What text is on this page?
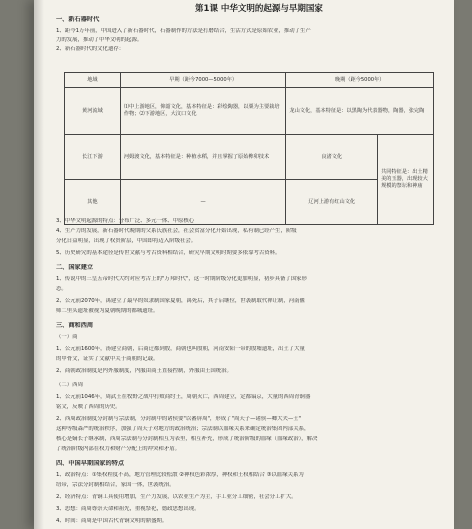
第1课 中华文明的起源与早期国家
一、新石器时代
1、距今1万年前，中国进入了新石器时代，石器制作的方法是打磨结合，生活方式是原始农业，推动了生产
力的发展，推动了中华文明的起源。
2、新石器时代的文化遗存：
3、中华文明起源的特点：分布广泛、多元一体、中原核心
4、生产力的发展，新石器时代晚期的父系氏族社会，社会贫富分化开始出现，私有制已经产生，阶级
分化日益明显，出现了权贵阶层，中国即将迈入阶级社会。
5、历史研究的基本途径是传世文献与考古资料相结合，研究早期文明时期要多依靠考古资料。
二、国家建立
1、传说中的三皇五帝时代大约对应考古上的"万邦时代"，这一时期阶级分化更加明显，初步具备了国家形
态。
2、公元前2070年，禹建立了最早的奴隶制国家夏朝，禹死后，其子启继位，世袭制取代禅让制，河南偃
师二里头遗址被视为夏朝晚期的都城遗址。
三、商和西周
（一）商
1、公元前1600年，汤建立商朝，后商迁都到殷，商朝也叫殷朝，河南安阳一带的殷墟遗址，出土了大量
的甲骨文，证实了文献中关于商朝的记载。
2、商朝政治制度是内外服制度，内服由商王直接控制，外服由王国统治。
（二）西周
1、公元前1046年，周武王在牧野之战中打败商纣王，周朝灭亡，西周建立，定都镐京，大量的西周青铜器
铭文，反映了西周的历史。
2、西周政治制度分封制与宗法制，分封制中的诸侯要"以蕃屏周"，形成了"周天子—诸侯—卿大夫—士"
这种等级森严的统治秩序，加强了周天子对地方的政治统治；宗法制以血缘关系来确定统治集团内部关系，
核心是嫡长子继承制，西周宗法制与分封制相互为表里，相互补充，形成了统治阶级的血缘（血缘政治），解决
了统治阶级内部在权力和财产分配上的冲突和矛盾。
四、中国早期国家的特点
1、政治特点：①集权程度不高，地方管理比较松散 ②神权色彩浓厚，神权和王权相结合 ③以血缘关系为
纽带，宗法分封制相结合，家国一体，世袭统治。
2、经济特点：青铜工具使用增加，生产力发展，以农业生产为主，手工业分工细密，社会分工扩大。
3、思想：商周尊崇天命和祖先，重视祭祀，德政思想出现。
4、时间：商周是中国古代青铜文明的鼎盛期。
地域	早期（距今7000—5000年）	晚期（距今5000年）	
黄河流域	⑴中上游地区，仰韶文化，基本特征是：彩绘陶器，以粟为主要栽培作物；⑵下游地区，大汶口文化	龙山文化，基本特征是：以黑陶为代表器物，陶器，张完陶	
长江下游	河姆渡文化，基本特征是：种植水稻，并且掌握了原始榫卯技术	良渚文化	共同特征是：出土精美的玉器，出现较大规模的祭坛和神庙
其他	—	辽河上游有红山文化	
